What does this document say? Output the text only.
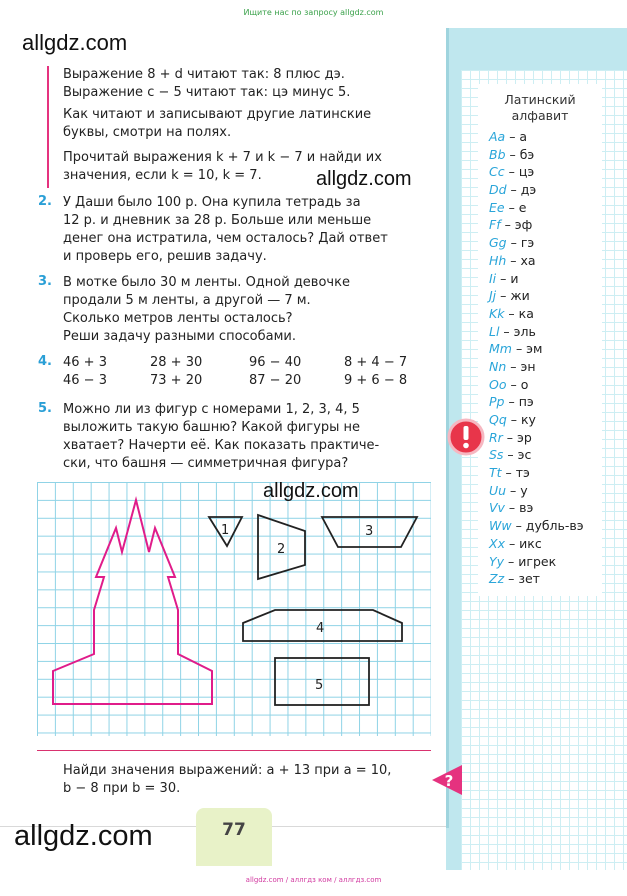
Ищите нас по запросу allgdz.com
Латинский
алфавит
Aa – а
Bb – бэ
Cc – цэ
Dd – дэ
Ee – е
Ff – эф
Gg – гэ
Hh – ха
Ii – и
Jj – жи
Kk – ка
Ll – эль
Mm – эм
Nn – эн
Oo – о
Pp – пэ
Qq – ку
Rr – эр
Ss – эс
Tt – тэ
Uu – у
Vv – вэ
Ww – дубль-вэ
Xx – икс
Yy – игрек
Zz – зет
Выражение 8 + d читают так: 8 плюс дэ.
Выражение c − 5 читают так: цэ минус 5.
Как читают и записывают другие латинские
буквы, смотри на полях.
Прочитай выражения k + 7 и k − 7 и найди их
значения, если k = 10, k = 7.
2. У Даши было 100 р. Она купила тетрадь за
12 р. и дневник за 28 р. Больше или меньше
денег она истратила, чем осталось? Дай ответ
и проверь его, решив задачу.
3. В мотке было 30 м ленты. Одной девочке
продали 5 м ленты, а другой — 7 м.
Сколько метров ленты осталось?
Реши задачу разными способами.
4. 46 + 3	28 + 30	96 − 40	8 + 4 − 7
46 − 3	73 + 20	87 − 20	9 + 6 − 8
5. Можно ли из фигур с номерами 1, 2, 3, 4, 5
выложить такую башню? Какой фигуры не
хватает? Начерти её. Как показать практиче-
ски, что башня — симметричная фигура?
1
2
3
4
5
Найди значения выражений: a + 13 при a = 10,
b − 8 при b = 30.	?
77
allgdz.com
allgdz.com
allgdz.com
allgdz.com
allgdz.com / аллгдз ком / аллгдз.com
